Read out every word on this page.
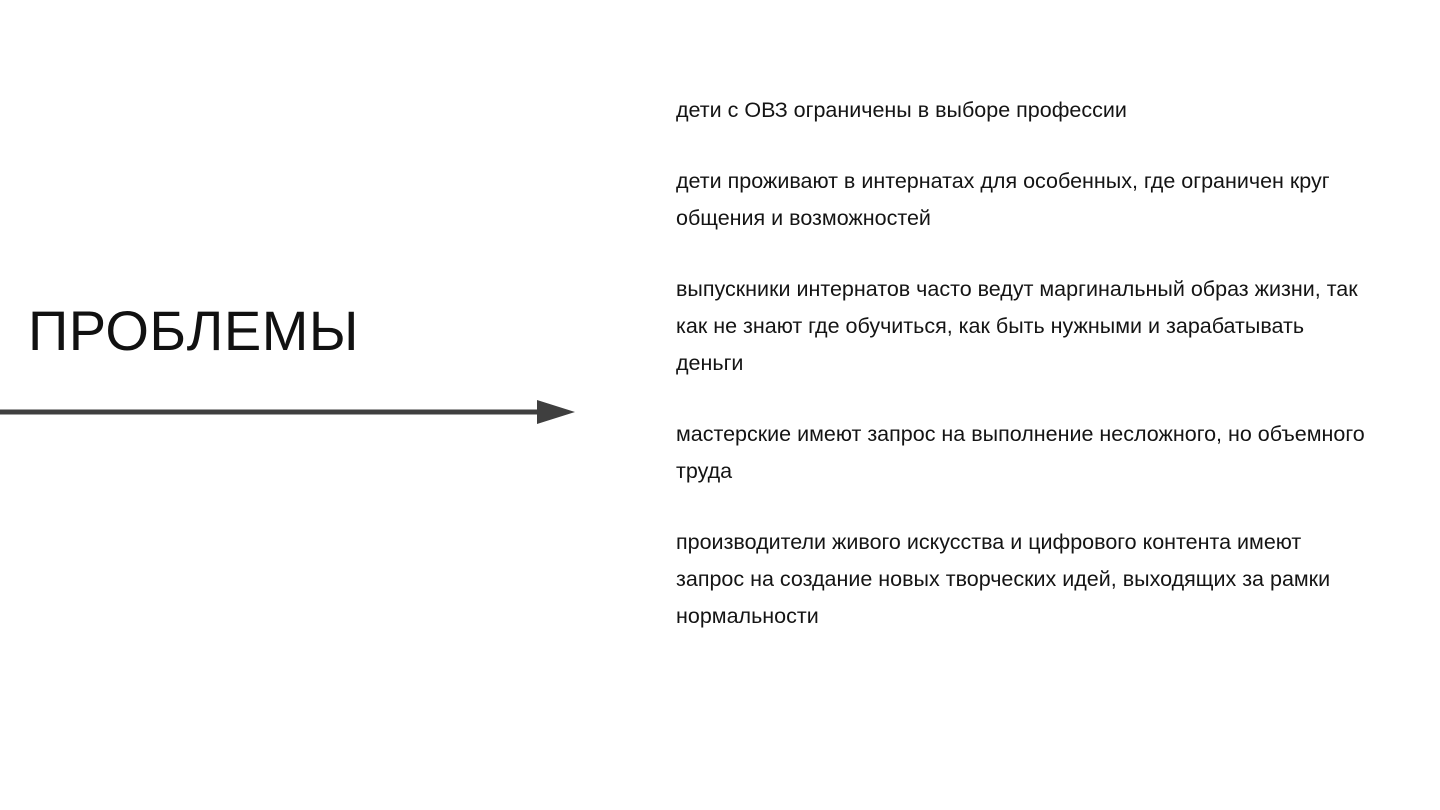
ПРОБЛЕМЫ

дети с ОВЗ ограничены в выборе профессии

дети проживают в интернатах для особенных, где ограничен круг общения и возможностей

выпускники интернатов часто ведут маргинальный образ жизни, так как не знают где обучиться, как быть нужными и зарабатывать деньги

мастерские имеют запрос на выполнение несложного, но объемного труда

производители живого искусства и цифрового контента имеют запрос на создание новых творческих идей, выходящих за рамки нормальности
